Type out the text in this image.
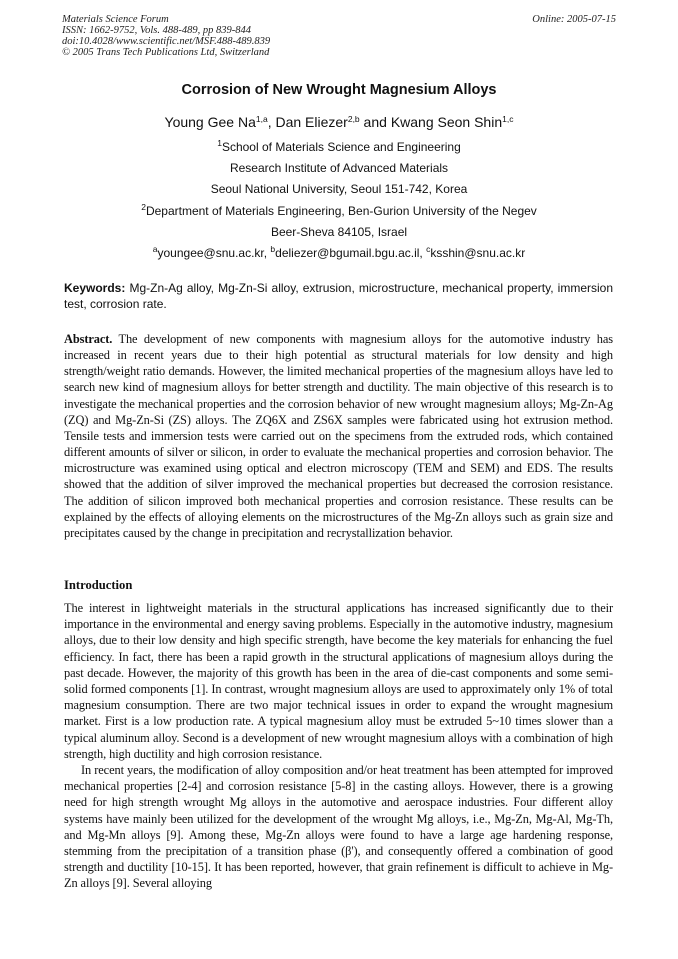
Materials Science Forum
ISSN: 1662-9752, Vols. 488-489, pp 839-844
doi:10.4028/www.scientific.net/MSF.488-489.839
© 2005 Trans Tech Publications Ltd, Switzerland
Online: 2005-07-15
Corrosion of New Wrought Magnesium Alloys
Young Gee Na$^{1,a}$, Dan Eliezer$^{2,b}$ and Kwang Seon Shin$^{1,c}$
$^1$School of Materials Science and Engineering
Research Institute of Advanced Materials
Seoul National University, Seoul 151-742, Korea
$^2$Department of Materials Engineering, Ben-Gurion University of the Negev
Beer-Sheva 84105, Israel
$^a$youngee@snu.ac.kr, $^b$deliezer@bgumail.bgu.ac.il, $^c$ksshin@snu.ac.kr
Keywords: Mg-Zn-Ag alloy, Mg-Zn-Si alloy, extrusion, microstructure, mechanical property, immersion test, corrosion rate.
Abstract. The development of new components with magnesium alloys for the automotive industry has increased in recent years due to their high potential as structural materials for low density and high strength/weight ratio demands. However, the limited mechanical properties of the magnesium alloys have led to search new kind of magnesium alloys for better strength and ductility. The main objective of this research is to investigate the mechanical properties and the corrosion behavior of new wrought magnesium alloys; Mg-Zn-Ag (ZQ) and Mg-Zn-Si (ZS) alloys. The ZQ6X and ZS6X samples were fabricated using hot extrusion method. Tensile tests and immersion tests were carried out on the specimens from the extruded rods, which contained different amounts of silver or silicon, in order to evaluate the mechanical properties and corrosion behavior. The microstructure was examined using optical and electron microscopy (TEM and SEM) and EDS. The results showed that the addition of silver improved the mechanical properties but decreased the corrosion resistance. The addition of silicon improved both mechanical properties and corrosion resistance. These results can be explained by the effects of alloying elements on the microstructures of the Mg-Zn alloys such as grain size and precipitates caused by the change in precipitation and recrystallization behavior.
Introduction

The interest in lightweight materials in the structural applications has increased significantly due to their importance in the environmental and energy saving problems. Especially in the automotive industry, magnesium alloys, due to their low density and high specific strength, have become the key materials for enhancing the fuel efficiency. In fact, there has been a rapid growth in the structural applications of magnesium alloys during the past decade. However, the majority of this growth has been in the area of die-cast components and some semi-solid formed components [1]. In contrast, wrought magnesium alloys are used to approximately only 1% of total magnesium consumption. There are two major technical issues in order to expand the wrought magnesium market. First is a low production rate. A typical magnesium alloy must be extruded 5~10 times slower than a typical aluminum alloy. Second is a development of new wrought magnesium alloys with a combination of high strength, high ductility and high corrosion resistance.

In recent years, the modification of alloy composition and/or heat treatment has been attempted for improved mechanical properties [2-4] and corrosion resistance [5-8] in the casting alloys. However, there is a growing need for high strength wrought Mg alloys in the automotive and aerospace industries. Four different alloy systems have mainly been utilized for the development of the wrought Mg alloys, i.e., Mg-Zn, Mg-Al, Mg-Th, and Mg-Mn alloys [9]. Among these, Mg-Zn alloys were found to have a large age hardening response, stemming from the precipitation of a transition phase (β'), and consequently offered a combination of good strength and ductility [10-15]. It has been reported, however, that grain refinement is difficult to achieve in Mg-Zn alloys [9]. Several alloying
